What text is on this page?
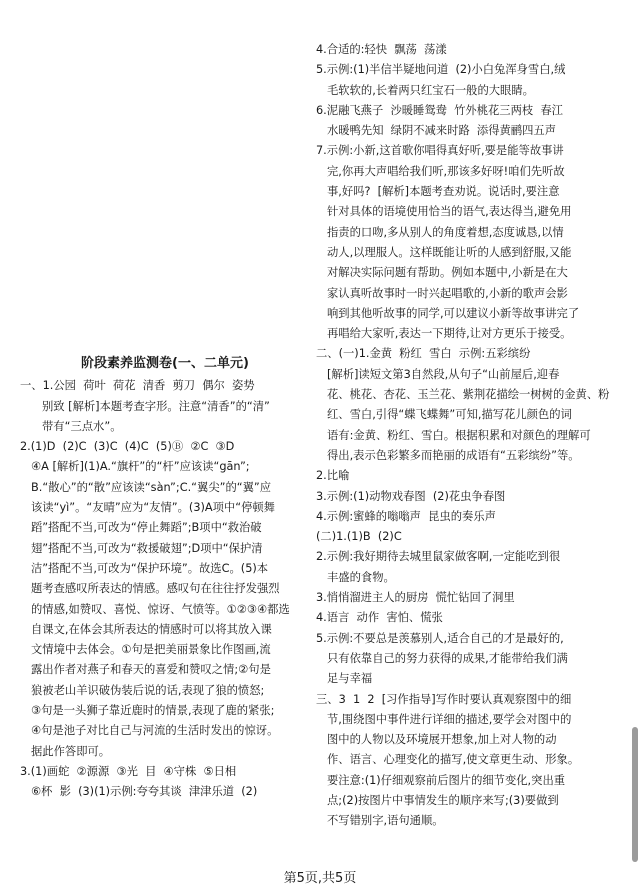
阶段素养监测卷(一、二单元)

一、1.公园  荷叶  荷花  清香  剪刀  偶尔  姿势

别致 [解析]本题考查字形。注意“清香”的“清”

带有“三点水”。

2.(1)D  (2)C  (3)C  (4)C  (5)Ⓑ  ②C  ③D

④A [解析](1)A.“旗杆”的“杆”应该读“gān”;

B.“散心”的“散”应该读“sàn”;C.“翼尖”的“翼”应

该读“yì”。“友晴”应为“友情”。(3)A项中“停顿舞

蹈”搭配不当,可改为“停止舞蹈”;B项中“救治破

翅”搭配不当,可改为“救援破翅”;D项中“保护清

洁”搭配不当,可改为“保护环境”。故选C。(5)本

题考查感叹所表达的情感。感叹句在往往抒发强烈

的情感,如赞叹、喜悦、惊讶、气愤等。①②③④都选

自课文,在体会其所表达的情感时可以将其放入课

文情境中去体会。①句是把美丽景象比作图画,流

露出作者对燕子和春天的喜爱和赞叹之情;②句是

狼被老山羊识破伪装后说的话,表现了狼的愤怒;

③句是一头狮子靠近鹿时的情景,表现了鹿的紧张;

④句是池子对比自己与河流的生活时发出的惊讶。

据此作答即可。

3.(1)画蛇  ②源源  ③光  目  ④守株  ⑤日相

⑥杯  影  (3)(1)示例:夸夸其谈  津津乐道  (2)

4.合适的:轻快  飘荡  荡漾

5.示例:(1)半信半疑地问道  (2)小白兔浑身雪白,绒

毛软软的,长着两只红宝石一般的大眼睛。

6.泥融飞燕子  沙暖睡鸳鸯  竹外桃花三两枝  春江

水暖鸭先知  绿阴不减来时路  添得黄鹂四五声

7.示例:小新,这首歌你唱得真好听,要是能等故事讲

完,你再大声唱给我们听,那该多好呀!咱们先听故

事,好吗?  [解析]本题考查劝说。说话时,要注意

针对具体的语境使用恰当的语气,表达得当,避免用

指责的口吻,多从别人的角度着想,态度诚恳,以情

动人,以理服人。这样既能让听的人感到舒服,又能

对解决实际问题有帮助。例如本题中,小新是在大

家认真听故事时一时兴起唱歌的,小新的歌声会影

响到其他听故事的同学,可以建议小新等故事讲完了

再唱给大家听,表达一下期待,让对方更乐于接受。

二、(一)1.金黄  粉红  雪白  示例:五彩缤纷

[解析]读短文第3自然段,从句子“山前屋后,迎春

花、桃花、杏花、玉兰花、紫荆花描绘一树树的金黄、粉

红、雪白,引得“蝶飞蝶舞”可知,描写花儿颜色的词

语有:金黄、粉红、雪白。根据积累和对颜色的理解可

得出,表示色彩繁多而艳丽的成语有“五彩缤纷”等。

2.比喻

3.示例:(1)动物戏春图  (2)花虫争春图

4.示例:蜜蜂的嗡嗡声  昆虫的奏乐声

(二)1.(1)B  (2)C

2.示例:我好期待去城里鼠家做客啊,一定能吃到很

丰盛的食物。

3.悄悄溜进主人的厨房  慌忙钻回了洞里

4.语言  动作  害怕、慌张

5.示例:不要总是羡慕别人,适合自己的才是最好的,

只有依靠自己的努力获得的成果,才能带给我们满

足与幸福

三、3  1  2  [习作指导]写作时要认真观察图中的细

节,围绕图中事件进行详细的描述,要学会对图中的

图中的人物以及环境展开想象,加上对人物的动

作、语言、心理变化的描写,使文章更生动、形象。

要注意:(1)仔细观察前后图片的细节变化,突出重

点;(2)按图片中事情发生的顺序来写;(3)要做到

不写错别字,语句通顺。

第5页,共5页
